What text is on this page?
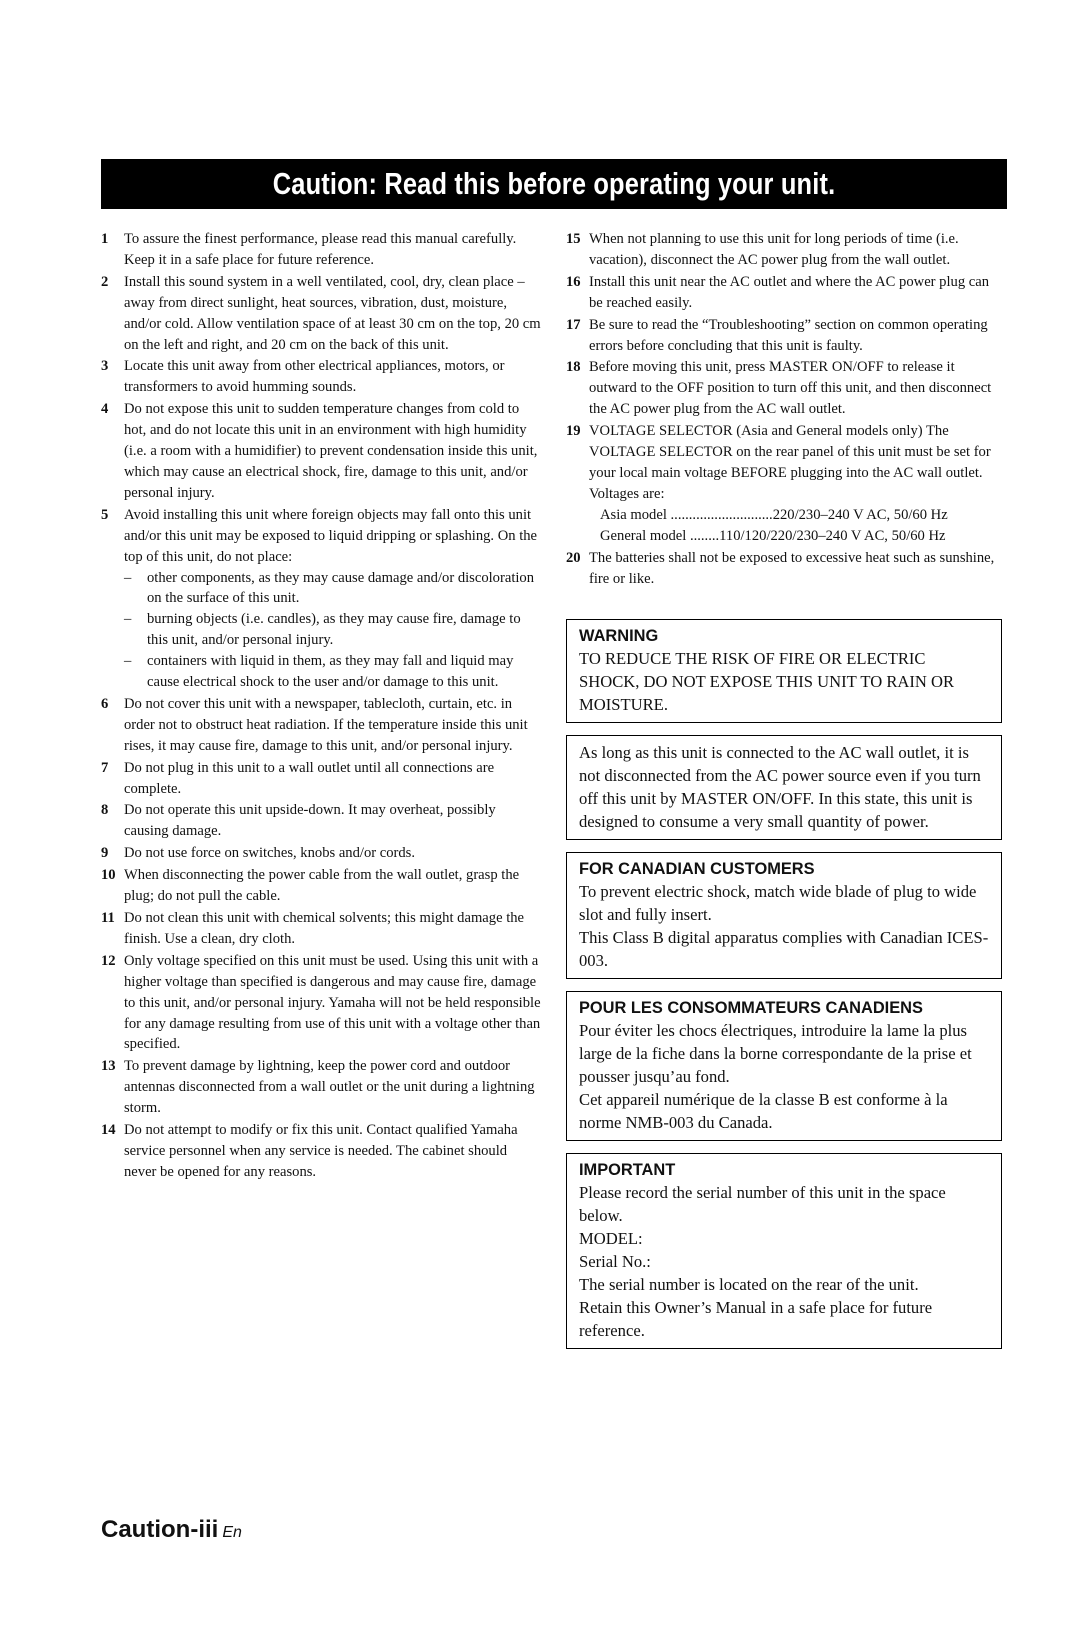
Caution: Read this before operating your unit.
1	To assure the finest performance, please read this manual carefully. Keep it in a safe place for future reference.
2	Install this sound system in a well ventilated, cool, dry, clean place – away from direct sunlight, heat sources, vibration, dust, moisture, and/or cold. Allow ventilation space of at least 30 cm on the top, 20 cm on the left and right, and 20 cm on the back of this unit.
3	Locate this unit away from other electrical appliances, motors, or transformers to avoid humming sounds.
4	Do not expose this unit to sudden temperature changes from cold to hot, and do not locate this unit in an environment with high humidity (i.e. a room with a humidifier) to prevent condensation inside this unit, which may cause an electrical shock, fire, damage to this unit, and/or personal injury.
5	Avoid installing this unit where foreign objects may fall onto this unit and/or this unit may be exposed to liquid dripping or splashing. On the top of this unit, do not place:
–	other components, as they may cause damage and/or discoloration on the surface of this unit.
–	burning objects (i.e. candles), as they may cause fire, damage to this unit, and/or personal injury.
–	containers with liquid in them, as they may fall and liquid may cause electrical shock to the user and/or damage to this unit.
6	Do not cover this unit with a newspaper, tablecloth, curtain, etc. in order not to obstruct heat radiation. If the temperature inside this unit rises, it may cause fire, damage to this unit, and/or personal injury.
7	Do not plug in this unit to a wall outlet until all connections are complete.
8	Do not operate this unit upside-down. It may overheat, possibly causing damage.
9	Do not use force on switches, knobs and/or cords.
10 When disconnecting the power cable from the wall outlet, grasp the plug; do not pull the cable.
11 Do not clean this unit with chemical solvents; this might damage the finish. Use a clean, dry cloth.
12 Only voltage specified on this unit must be used. Using this unit with a higher voltage than specified is dangerous and may cause fire, damage to this unit, and/or personal injury. Yamaha will not be held responsible for any damage resulting from use of this unit with a voltage other than specified.
13 To prevent damage by lightning, keep the power cord and outdoor antennas disconnected from a wall outlet or the unit during a lightning storm.
14 Do not attempt to modify or fix this unit. Contact qualified Yamaha service personnel when any service is needed. The cabinet should never be opened for any reasons.
15 When not planning to use this unit for long periods of time (i.e. vacation), disconnect the AC power plug from the wall outlet.
16 Install this unit near the AC outlet and where the AC power plug can be reached easily.
17 Be sure to read the “Troubleshooting” section on common operating errors before concluding that this unit is faulty.
18 Before moving this unit, press MASTER ON/OFF to release it outward to the OFF position to turn off this unit, and then disconnect the AC power plug from the AC wall outlet.
19 VOLTAGE SELECTOR (Asia and General models only) The VOLTAGE SELECTOR on the rear panel of this unit must be set for your local main voltage BEFORE plugging into the AC wall outlet. Voltages are:
Asia model ............................ 220/230–240 V AC, 50/60 Hz
General model ........ 110/120/220/230–240 V AC, 50/60 Hz
20 The batteries shall not be exposed to excessive heat such as sunshine, fire or like.
WARNING

TO REDUCE THE RISK OF FIRE OR ELECTRIC SHOCK, DO NOT EXPOSE THIS UNIT TO RAIN OR MOISTURE.

As long as this unit is connected to the AC wall outlet, it is not disconnected from the AC power source even if you turn off this unit by MASTER ON/OFF. In this state, this unit is designed to consume a very small quantity of power.

FOR CANADIAN CUSTOMERS

To prevent electric shock, match wide blade of plug to wide slot and fully insert.

This Class B digital apparatus complies with Canadian ICES-003.

POUR LES CONSOMMATEURS CANADIENS

Pour éviter les chocs électriques, introduire la lame la plus large de la fiche dans la borne correspondante de la prise et pousser jusqu’au fond.

Cet appareil numérique de la classe B est conforme à la norme NMB-003 du Canada.

IMPORTANT

Please record the serial number of this unit in the space below.

MODEL:

Serial No.:

The serial number is located on the rear of the unit.

Retain this Owner’s Manual in a safe place for future reference.

Caution-iii En
